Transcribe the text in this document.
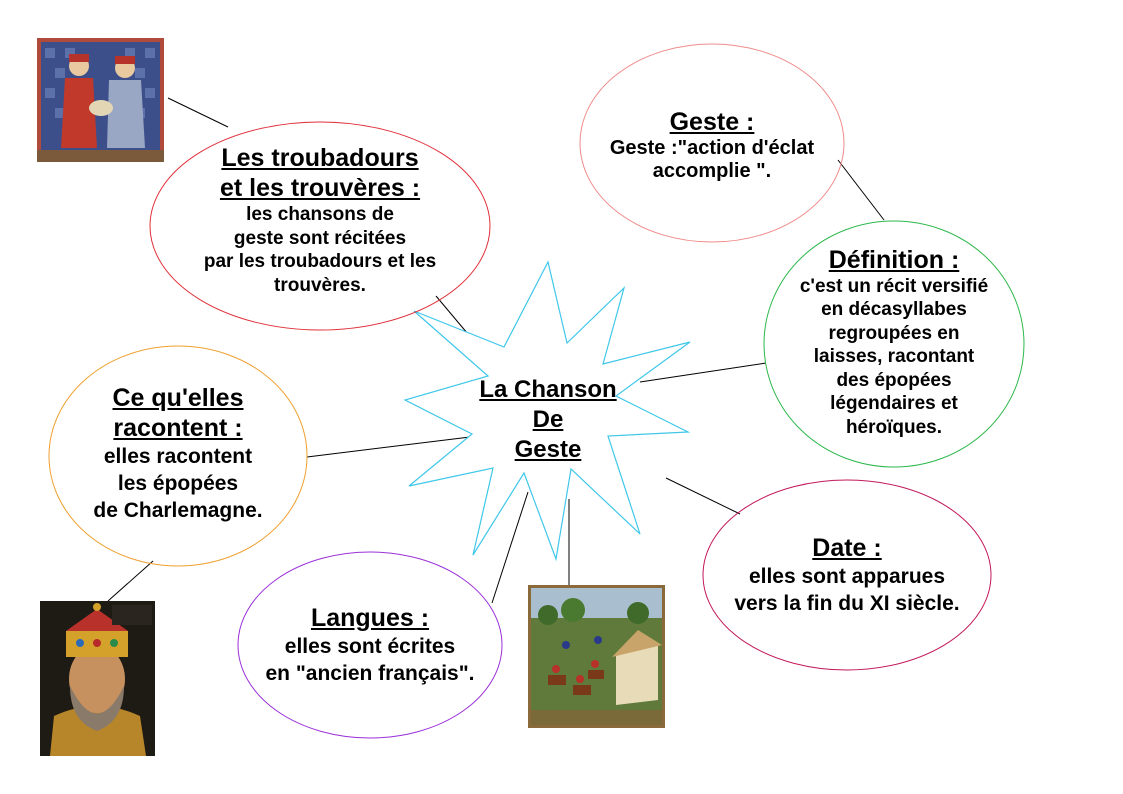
La Chanson
De
Geste
Les troubadours
et les trouvères :
les chansons de
geste sont récitées
par les troubadours et les
trouvères.
Geste :
Geste :"action d'éclat
accomplie ".
Définition :
c'est un récit versifié
en décasyllabes
regroupées en
laisses, racontant
des épopées
légendaires et
héroïques.
Ce qu'elles
racontent :
elles racontent
les épopées
de Charlemagne.
Date :
elles sont apparues
vers la fin du XI siècle.
Langues :
elles sont écrites
en "ancien français".
